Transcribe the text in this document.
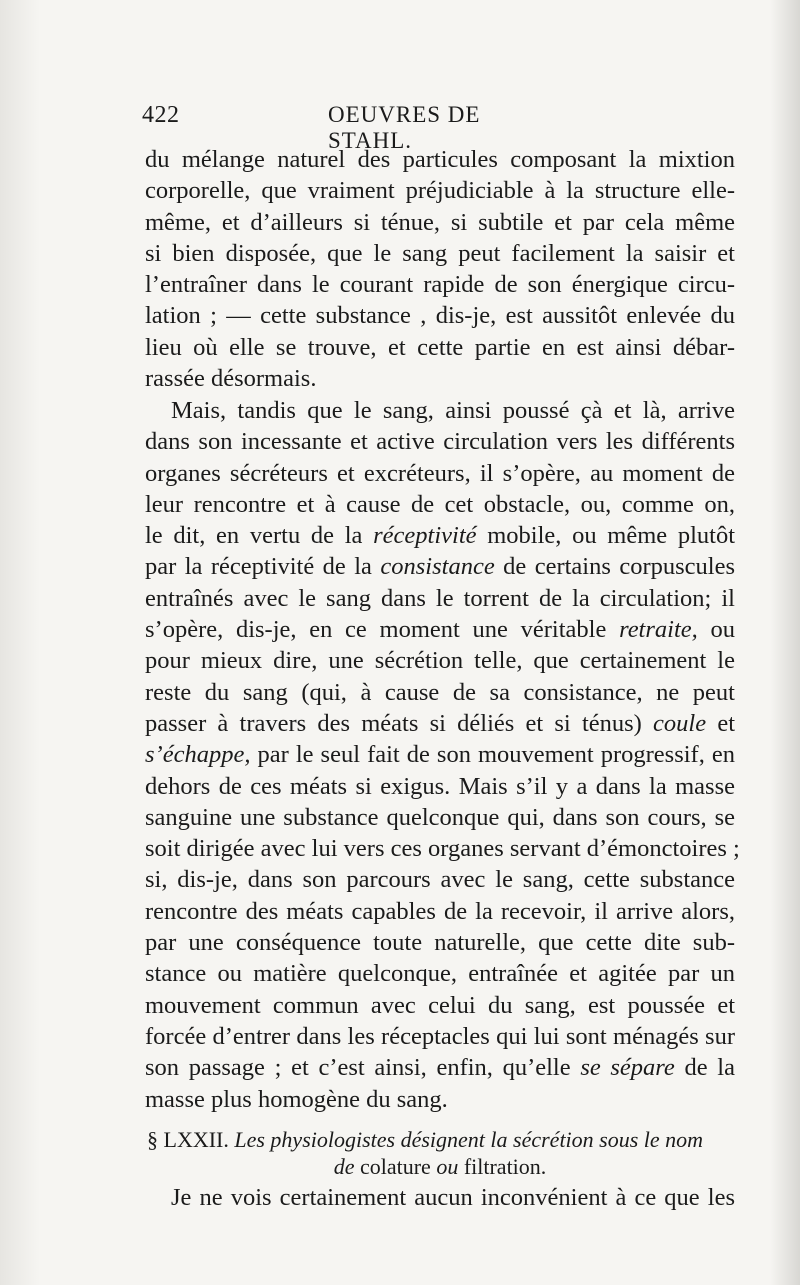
422	OEUVRES DE STAHL.
du mélange naturel des particules composant la mixtion
corporelle, que vraiment préjudiciable à la structure elle-
même, et d’ailleurs si ténue, si subtile et par cela même
si bien disposée, que le sang peut facilement la saisir et
l’entraîner dans le courant rapide de son énergique circu-
lation ; — cette substance , dis-je, est aussitôt enlevée du
lieu où elle se trouve, et cette partie en est ainsi débar-
rassée désormais.
Mais, tandis que le sang, ainsi poussé çà et là, arrive
dans son incessante et active circulation vers les différents
organes sécréteurs et excréteurs, il s’opère, au moment de
leur rencontre et à cause de cet obstacle, ou, comme on,
le dit, en vertu de la réceptivité mobile, ou même plutôt
par la réceptivité de la consistance de certains corpuscules
entraînés avec le sang dans le torrent de la circulation; il
s’opère, dis-je, en ce moment une véritable retraite, ou
pour mieux dire, une sécrétion telle, que certainement le
reste du sang (qui, à cause de sa consistance, ne peut
passer à travers des méats si déliés et si ténus) coule et
s’échappe, par le seul fait de son mouvement progressif, en
dehors de ces méats si exigus. Mais s’il y a dans la masse
sanguine une substance quelconque qui, dans son cours, se
soit dirigée avec lui vers ces organes servant d’émonctoires ;
si, dis-je, dans son parcours avec le sang, cette substance
rencontre des méats capables de la recevoir, il arrive alors,
par une conséquence toute naturelle, que cette dite sub-
stance ou matière quelconque, entraînée et agitée par un
mouvement commun avec celui du sang, est poussée et
forcée d’entrer dans les réceptacles qui lui sont ménagés sur
son passage ; et c’est ainsi, enfin, qu’elle se sépare de la
masse plus homogène du sang.
§ LXXII. Les physiologistes désignent la sécrétion sous le nom
de colature ou filtration.
Je ne vois certainement aucun inconvénient à ce que les
